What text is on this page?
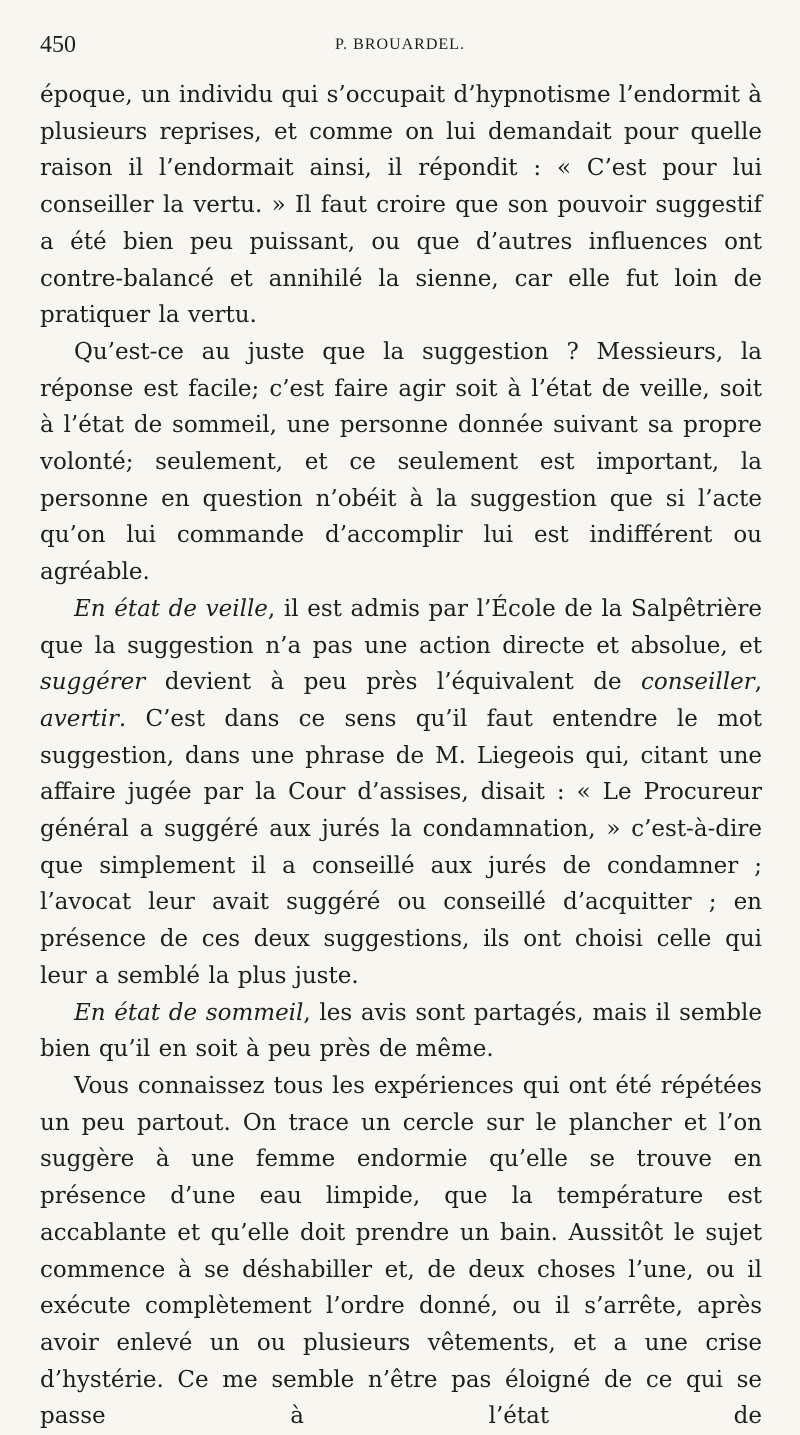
450	P. BROUARDEL.

époque, un individu qui s’occupait d’hypnotisme l’endormit à plusieurs reprises, et comme on lui demandait pour quelle raison il l’endormait ainsi, il répondit : « C’est pour lui conseiller la vertu. » Il faut croire que son pouvoir suggestif a été bien peu puissant, ou que d’autres influences ont contre-balancé et annihilé la sienne, car elle fut loin de pratiquer la vertu.

Qu’est-ce au juste que la suggestion ? Messieurs, la réponse est facile; c’est faire agir soit à l’état de veille, soit à l’état de sommeil, une personne donnée suivant sa propre volonté; seulement, et ce seulement est important, la personne en question n’obéit à la suggestion que si l’acte qu’on lui commande d’accomplir lui est indifférent ou agréable.

En état de veille, il est admis par l’École de la Salpêtrière que la suggestion n’a pas une action directe et absolue, et suggérer devient à peu près l’équivalent de conseiller, avertir. C’est dans ce sens qu’il faut entendre le mot suggestion, dans une phrase de M. Liegeois qui, citant une affaire jugée par la Cour d’assises, disait : « Le Procureur général a suggéré aux jurés la condamnation, » c’est-à-dire que simplement il a conseillé aux jurés de condamner ; l’avocat leur avait suggéré ou conseillé d’acquitter ; en présence de ces deux suggestions, ils ont choisi celle qui leur a semblé la plus juste.

En état de sommeil, les avis sont partagés, mais il semble bien qu’il en soit à peu près de même.

Vous connaissez tous les expériences qui ont été répétées un peu partout. On trace un cercle sur le plancher et l’on suggère à une femme endormie qu’elle se trouve en présence d’une eau limpide, que la température est accablante et qu’elle doit prendre un bain. Aussitôt le sujet commence à se déshabiller et, de deux choses l’une, ou il exécute complètement l’ordre donné, ou il s’arrête, après avoir enlevé un ou plusieurs vêtements, et a une crise d’hystérie. Ce me semble n’être pas éloigné de ce qui se passe à l’état de
